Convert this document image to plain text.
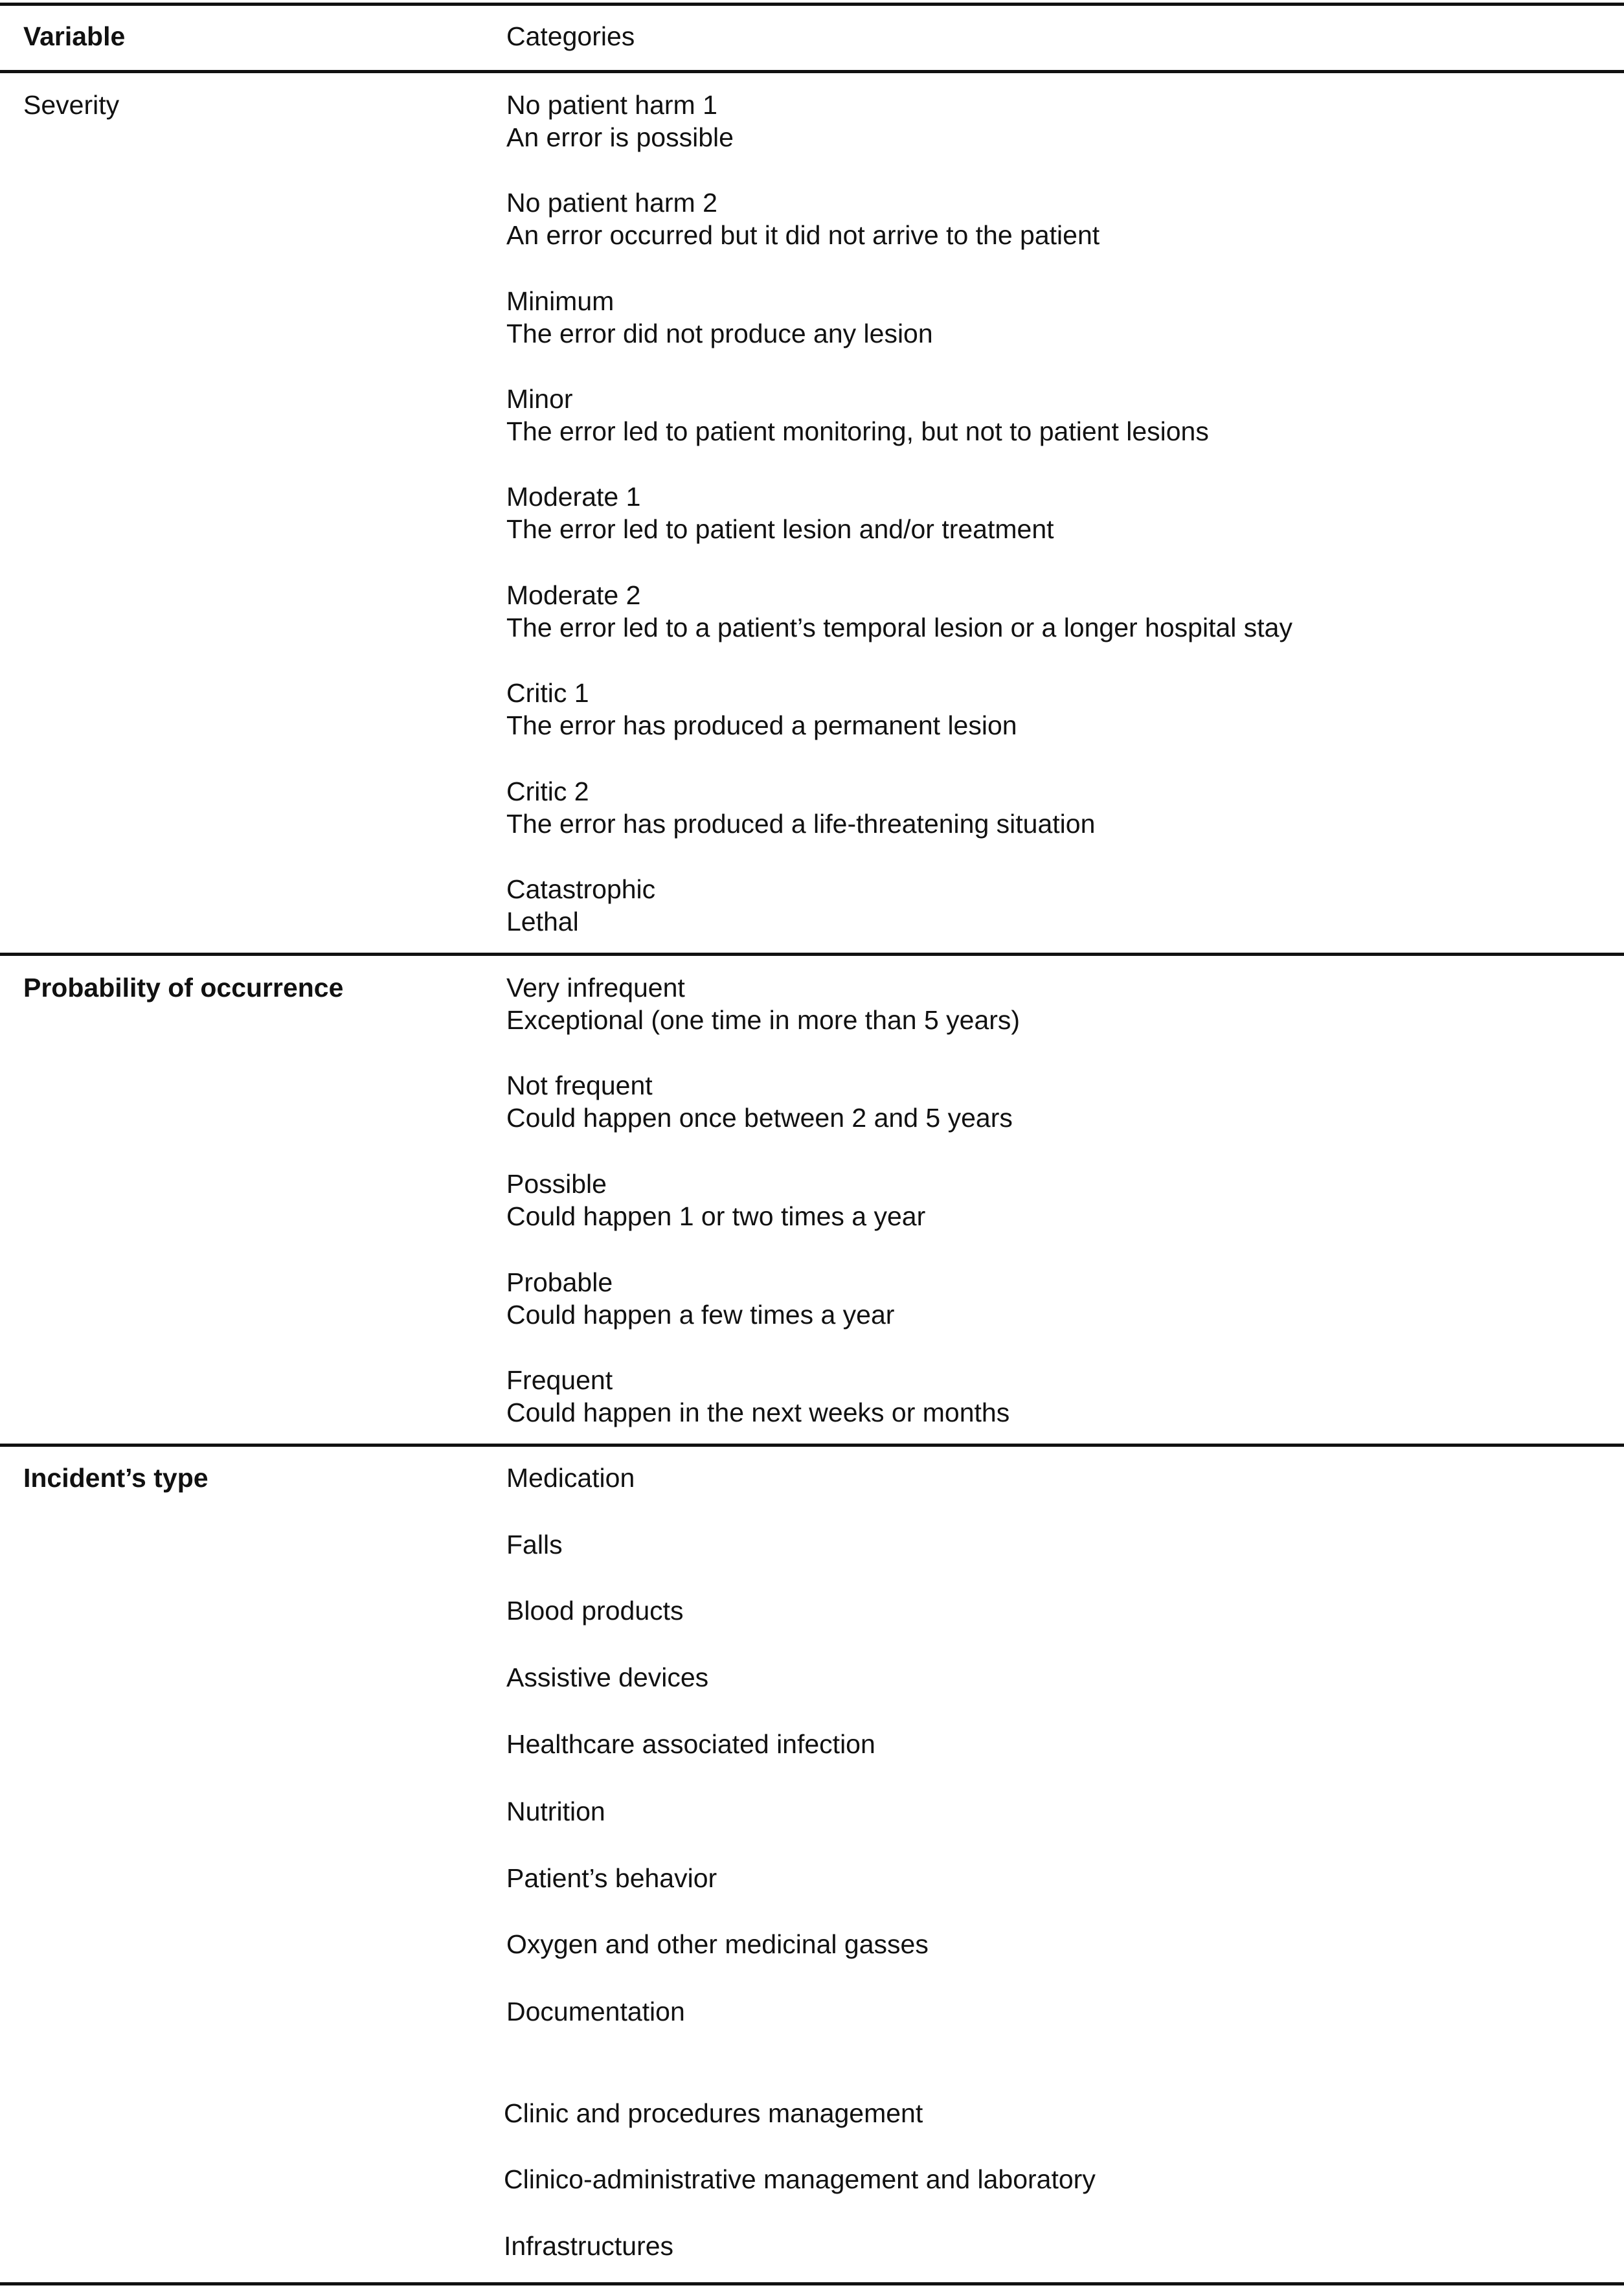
Variable	Categories
Severity	No patient harm 1
An error is possible
No patient harm 2
An error occurred but it did not arrive to the patient
Minimum
The error did not produce any lesion
Minor
The error led to patient monitoring, but not to patient lesions
Moderate 1
The error led to patient lesion and/or treatment
Moderate 2
The error led to a patient’s temporal lesion or a longer hospital stay
Critic 1
The error has produced a permanent lesion
Critic 2
The error has produced a life-threatening situation
Catastrophic
Lethal
Probability of occurrence	Very infrequent
Exceptional (one time in more than 5 years)
Not frequent
Could happen once between 2 and 5 years
Possible
Could happen 1 or two times a year
Probable
Could happen a few times a year
Frequent
Could happen in the next weeks or months
Incident’s type	Medication
Falls
Blood products
Assistive devices
Healthcare associated infection
Nutrition
Patient’s behavior
Oxygen and other medicinal gasses
Documentation
Clinic and procedures management
Clinico-administrative management and laboratory
Infrastructures
